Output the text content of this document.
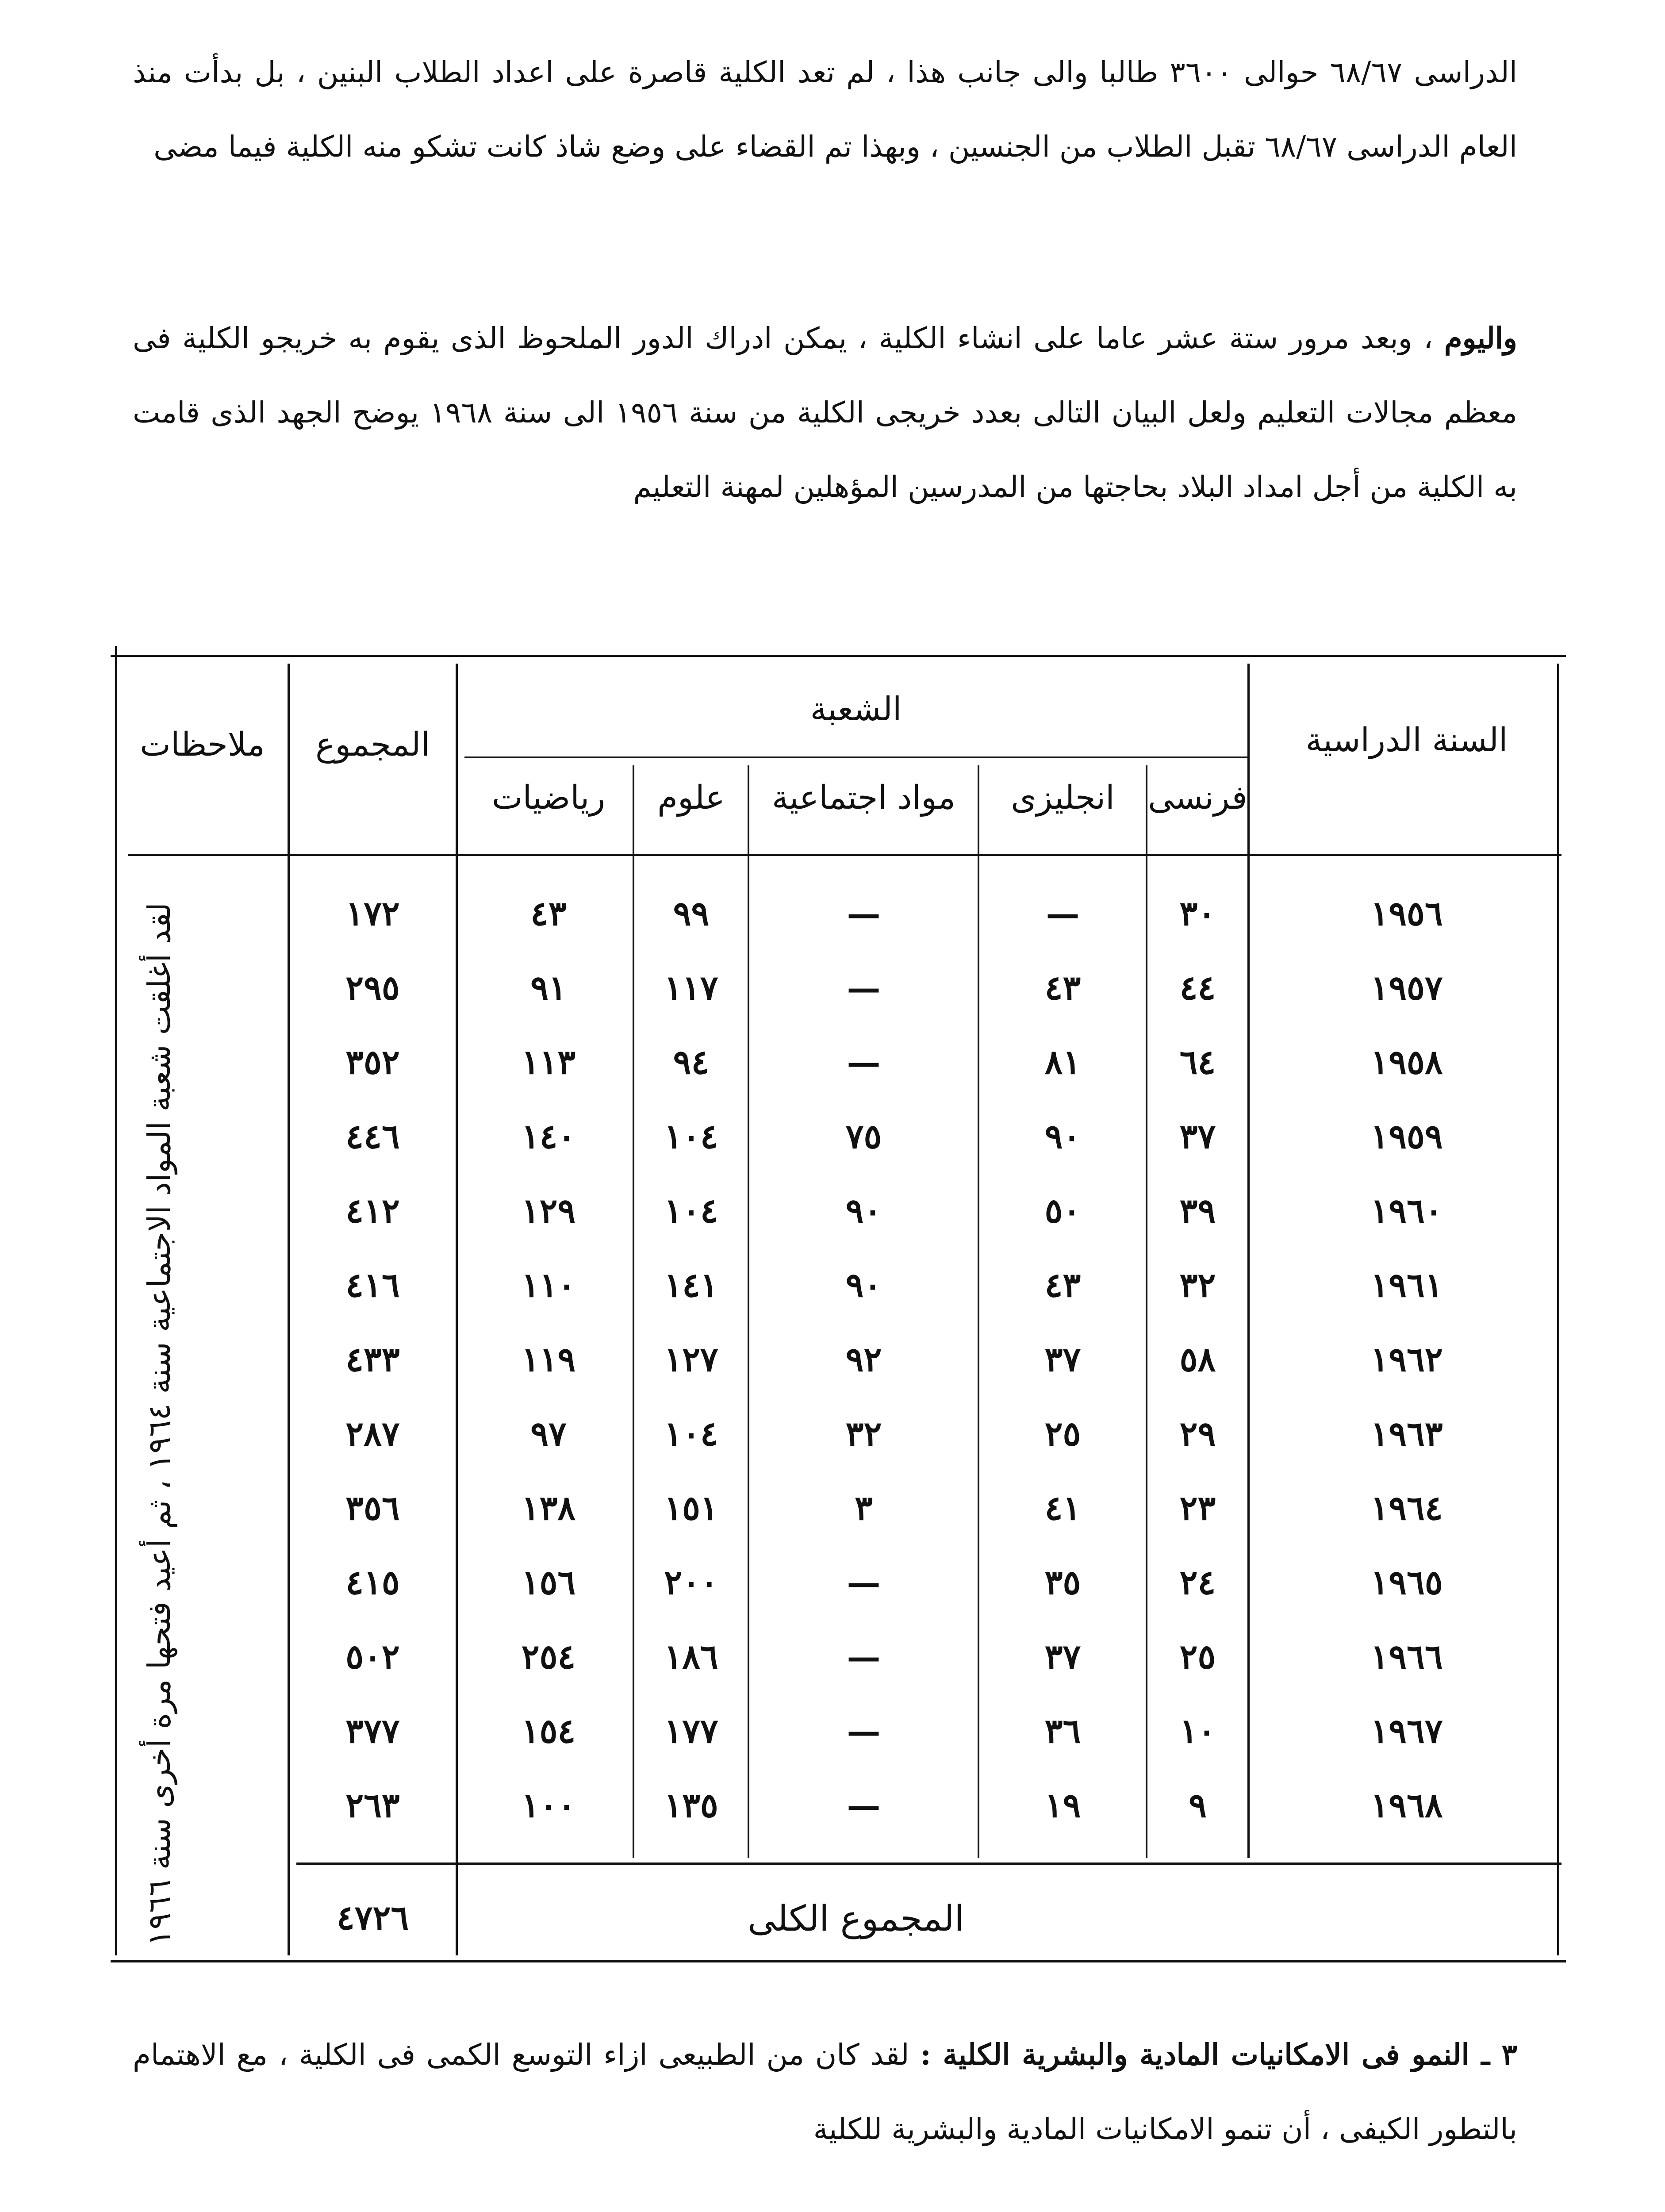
الدراسى ٦٨/٦٧ حوالى ٣٦٠٠ طالبا والى جانب هذا ، لم تعد الكلية قاصرة على اعداد الطلاب البنين ، بل بدأت منذ العام الدراسى ٦٨/٦٧ تقبل الطلاب من الجنسين ، وبهذا تم القضاء على وضع شاذ كانت تشكو منه الكلية فيما مضى

واليوم ، وبعد مرور ستة عشر عاما على انشاء الكلية ، يمكن ادراك الدور الملحوظ الذى يقوم به خريجو الكلية فى معظم مجالات التعليم ولعل البيان التالى بعدد خريجى الكلية من سنة ١٩٥٦ الى سنة ١٩٦٨ يوضح الجهد الذى قامت به الكلية من أجل امداد البلاد بحاجتها من المدرسين المؤهلين لمهنة التعليم

السنة الدراسية
الشعبة
فرنسى
انجليزى
مواد اجتماعية
علوم
رياضيات
المجموع
ملاحظات
١٩٥٦
٣٠
—
—
٩٩
٤٣
١٧٢
١٩٥٧
٤٤
٤٣
—
١١٧
٩١
٢٩٥
١٩٥٨
٦٤
٨١
—
٩٤
١١٣
٣٥٢
١٩٥٩
٣٧
٩٠
٧٥
١٠٤
١٤٠
٤٤٦
١٩٦٠
٣٩
٥٠
٩٠
١٠٤
١٢٩
٤١٢
١٩٦١
٣٢
٤٣
٩٠
١٤١
١١٠
٤١٦
١٩٦٢
٥٨
٣٧
٩٢
١٢٧
١١٩
٤٣٣
١٩٦٣
٢٩
٢٥
٣٢
١٠٤
٩٧
٢٨٧
١٩٦٤
٢٣
٤١
٣
١٥١
١٣٨
٣٥٦
١٩٦٥
٢٤
٣٥
—
٢٠٠
١٥٦
٤١٥
١٩٦٦
٢٥
٣٧
—
١٨٦
٢٥٤
٥٠٢
١٩٦٧
١٠
٣٦
—
١٧٧
١٥٤
٣٧٧
١٩٦٨
٩
١٩
—
١٣٥
١٠٠
٢٦٣
لقد أغلقت شعبة المواد الاجتماعية سنة ١٩٦٤ ، ثم أعيد فتحها مرة أخرى سنة ١٩٦٦
المجموع الكلى
٤٧٢٦

٣ ـ النمو فى الامكانيات المادية والبشرية الكلية : لقد كان من الطبيعى ازاء التوسع الكمى فى الكلية ، مع الاهتمام بالتطور الكيفى ، أن تنمو الامكانيات المادية والبشرية للكلية
